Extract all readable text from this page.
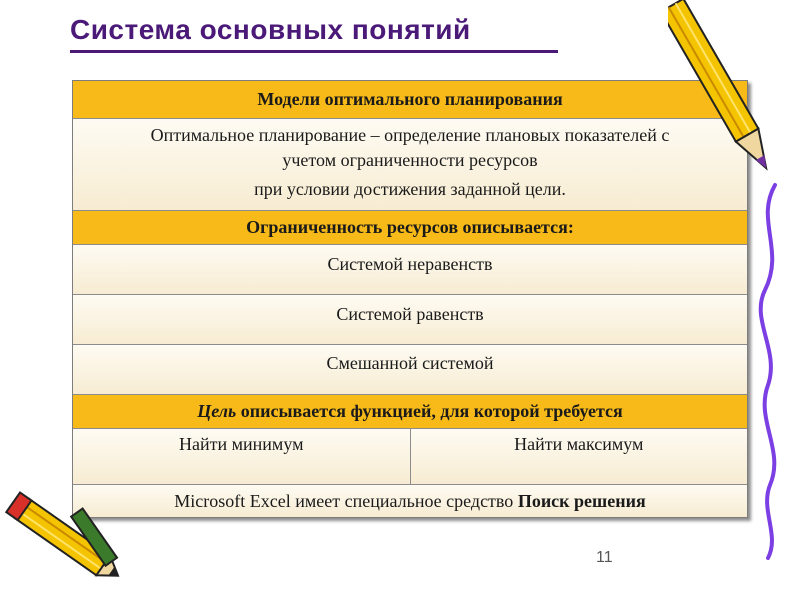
Система основных понятий
Модели оптимального планирования
Оптимальное планирование – определение плановых показателей с
учетом ограниченности ресурсов
при условии достижения заданной цели.
Ограниченность ресурсов описывается:
Системой неравенств
Системой равенств
Смешанной системой
Цель описывается функцией, для которой требуется
Найти минимум	Найти максимум
Microsoft Excel имеет специальное средство Поиск решения
11
